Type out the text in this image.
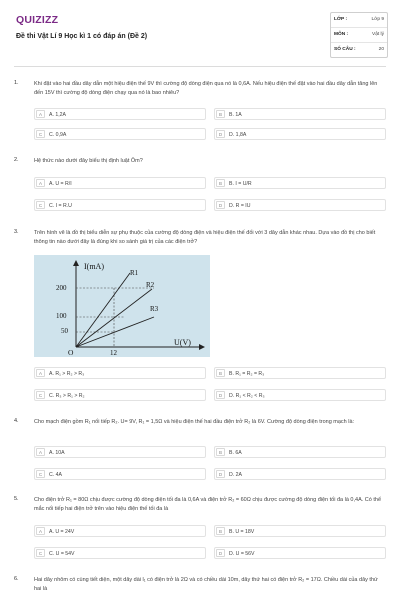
QUIZIZZ
Đề thi Vật Lí 9 Học kì 1 có đáp án (Đề 2)
LỚP :	Lớp 9
MÔN :	Vật lý
SỐ CÂU :	20
1.	Khi đặt vào hai đầu dây dẫn một hiệu điện thế 9V thì cường độ dòng điện qua nó là 0,6A. Nếu hiệu điện thế đặt vào hai đầu dây dẫn tăng lên đến 15V thì cường độ dòng điện chạy qua nó là bao nhiêu?
A	A. 1,2A	B	B. 1A
C	C. 0,9A	D	D. 1,8A
2.	Hệ thức nào dưới đây biểu thị định luật Ôm?
A	A. U = R/I	B	B. I = U/R
C	C. I = R.U	D	D. R = IU
3.	Trên hình vẽ là đồ thị biểu diễn sự phụ thuộc của cường độ dòng điện và hiệu điện thế đối với 3 dây dẫn khác nhau. Dựa vào đồ thị cho biết thông tin nào dưới đây là đúng khi so sánh giá trị của các điện trở?
I(mA)
U(V)
O
200
100
50
12
R1
R2
R3
A	A. R₁ > R₂ > R₃	B	B. R₁ = R₂ = R₃
C	C. R₃ > R₁ > R₂	D	D. R₁ < R₂ < R₃
4.	Cho mạch điện gồm R₁ nối tiếp R₂. U= 9V, R₁ = 1,5Ω và hiệu điện thế hai đầu điện trở R₂ là 6V. Cường độ dòng điện trong mạch là:
A	A. 10A	B	B. 6A
C	C. 4A	D	D. 2A
5.	Cho điện trở R₁ = 80Ω chịu được cường độ dòng điện tối đa là 0,6A và điện trở R₂ = 60Ω chịu được cường độ dòng điện tối đa là 0,4A. Có thể mắc nối tiếp hai điện trở trên vào hiệu điện thế tối đa là
A	A. U = 24V	B	B. U = 18V
C	C. U = 54V	D	D. U = 56V
6.	Hai dây nhôm có cùng tiết diện, một dây dài l₁ có điện trở là 2Ω và có chiều dài 10m, dây thứ hai có điện trở R₂ = 17Ω. Chiều dài của dây thứ hai là
